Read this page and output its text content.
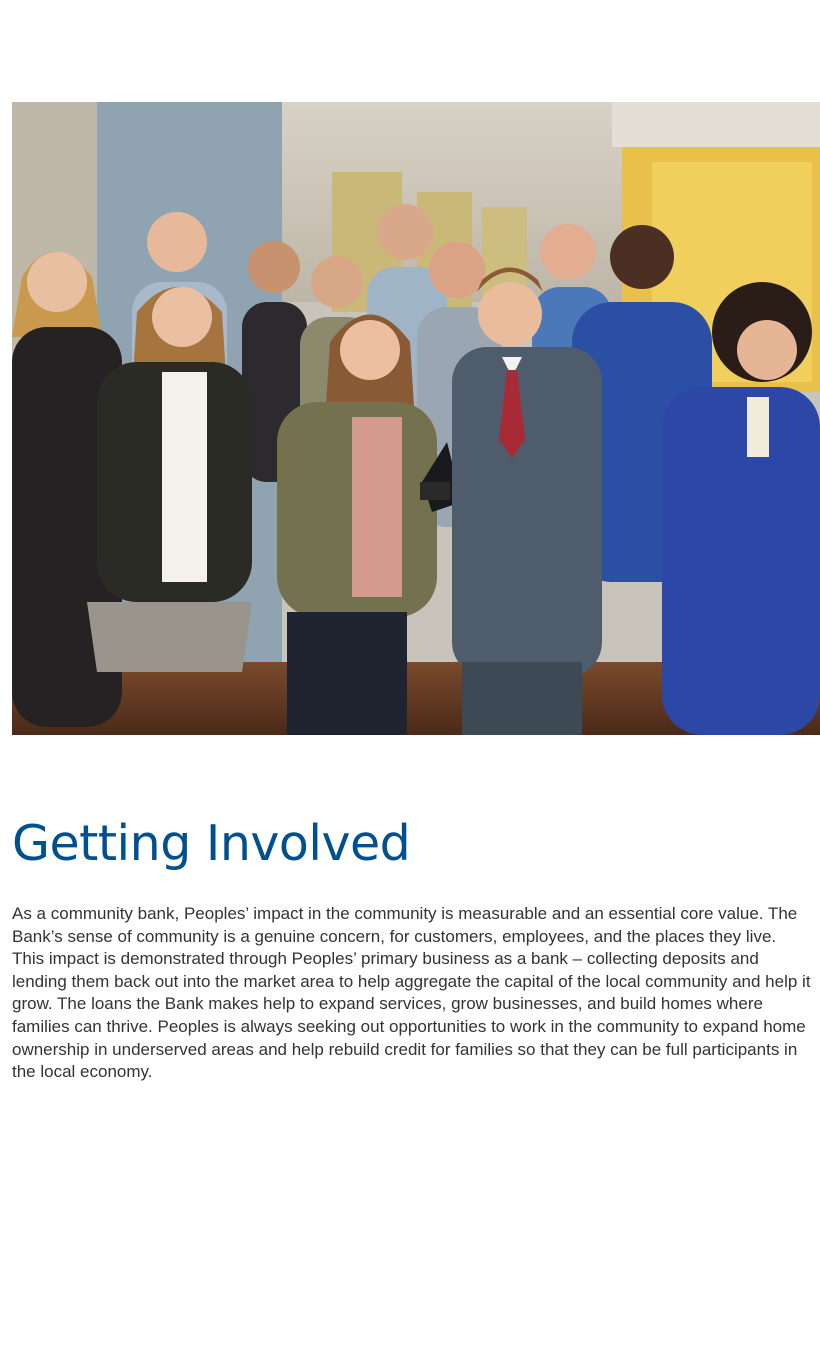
Getting Involved

As a community bank, Peoples’ impact in the community is measurable and an essential core value. The Bank’s sense of community is a genuine concern, for customers, employees, and the places they live. This impact is demonstrated through Peoples’ primary business as a bank – collecting deposits and lending them back out into the market area to help aggregate the capital of the local community and help it grow. The loans the Bank makes help to expand services, grow businesses, and build homes where families can thrive. Peoples is always seeking out opportunities to work in the community to expand home ownership in underserved areas and help rebuild credit for families so that they can be full participants in the local economy.
